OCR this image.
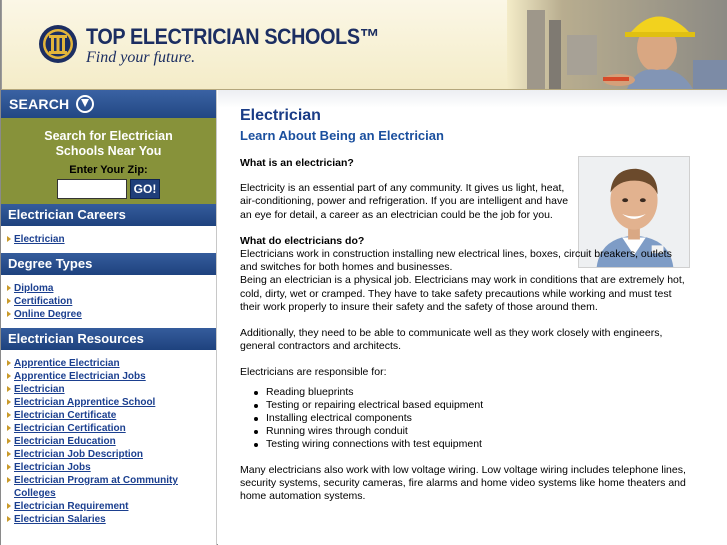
TOP ELECTRICIAN SCHOOLS™
Find your future.
SEARCH
Search for Electrician
Schools Near You
Enter Your Zip:
GO!
Electrician Careers
Electrician
Degree Types
Diploma
Certification
Online Degree
Electrician Resources
Apprentice Electrician
Apprentice Electrician Jobs
Electrician
Electrician Apprentice School
Electrician Certificate
Electrician Certification
Electrician Education
Electrician Job Description
Electrician Jobs
Electrician Program at Community
Colleges
Electrician Requirement
Electrician Salaries
Electrician
Learn About Being an Electrician

What is an electrician?

Electricity is an essential part of any community. It gives us light, heat, air-conditioning, power and refrigeration. If you are intelligent and have an eye for detail, a career as an electrician could be the job for you.

What do electricians do?

Electricians work in construction installing new electrical lines, boxes, circuit breakers, outlets and switches for both homes and businesses.

Being an electrician is a physical job. Electricians may work in conditions that are extremely hot, cold, dirty, wet or cramped. They have to take safety precautions while working and must test their work properly to insure their safety and the safety of those around them.

Additionally, they need to be able to communicate well as they work closely with engineers, general contractors and architects.

Electricians are responsible for:

Reading blueprints
Testing or repairing electrical based equipment
Installing electrical components
Running wires through conduit
Testing wiring connections with test equipment

Many electricians also work with low voltage wiring. Low voltage wiring includes telephone lines, security systems, security cameras, fire alarms and home video systems like home theaters and home automation systems.
